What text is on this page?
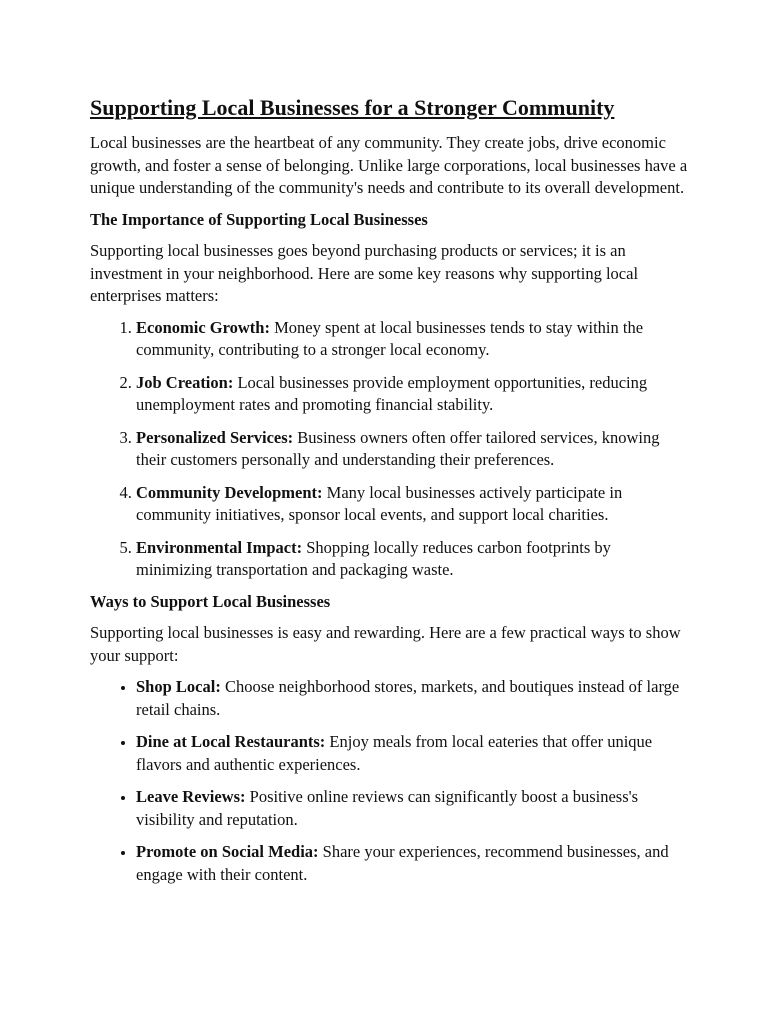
Supporting Local Businesses for a Stronger Community

Local businesses are the heartbeat of any community. They create jobs, drive economic growth, and foster a sense of belonging. Unlike large corporations, local businesses have a unique understanding of the community's needs and contribute to its overall development.

The Importance of Supporting Local Businesses

Supporting local businesses goes beyond purchasing products or services; it is an investment in your neighborhood. Here are some key reasons why supporting local enterprises matters:

1. Economic Growth: Money spent at local businesses tends to stay within the community, contributing to a stronger local economy.
2. Job Creation: Local businesses provide employment opportunities, reducing unemployment rates and promoting financial stability.
3. Personalized Services: Business owners often offer tailored services, knowing their customers personally and understanding their preferences.
4. Community Development: Many local businesses actively participate in community initiatives, sponsor local events, and support local charities.
5. Environmental Impact: Shopping locally reduces carbon footprints by minimizing transportation and packaging waste.
Ways to Support Local Businesses

Supporting local businesses is easy and rewarding. Here are a few practical ways to show your support:

• Shop Local: Choose neighborhood stores, markets, and boutiques instead of large retail chains.
• Dine at Local Restaurants: Enjoy meals from local eateries that offer unique flavors and authentic experiences.
• Leave Reviews: Positive online reviews can significantly boost a business's visibility and reputation.
• Promote on Social Media: Share your experiences, recommend businesses, and engage with their content.
